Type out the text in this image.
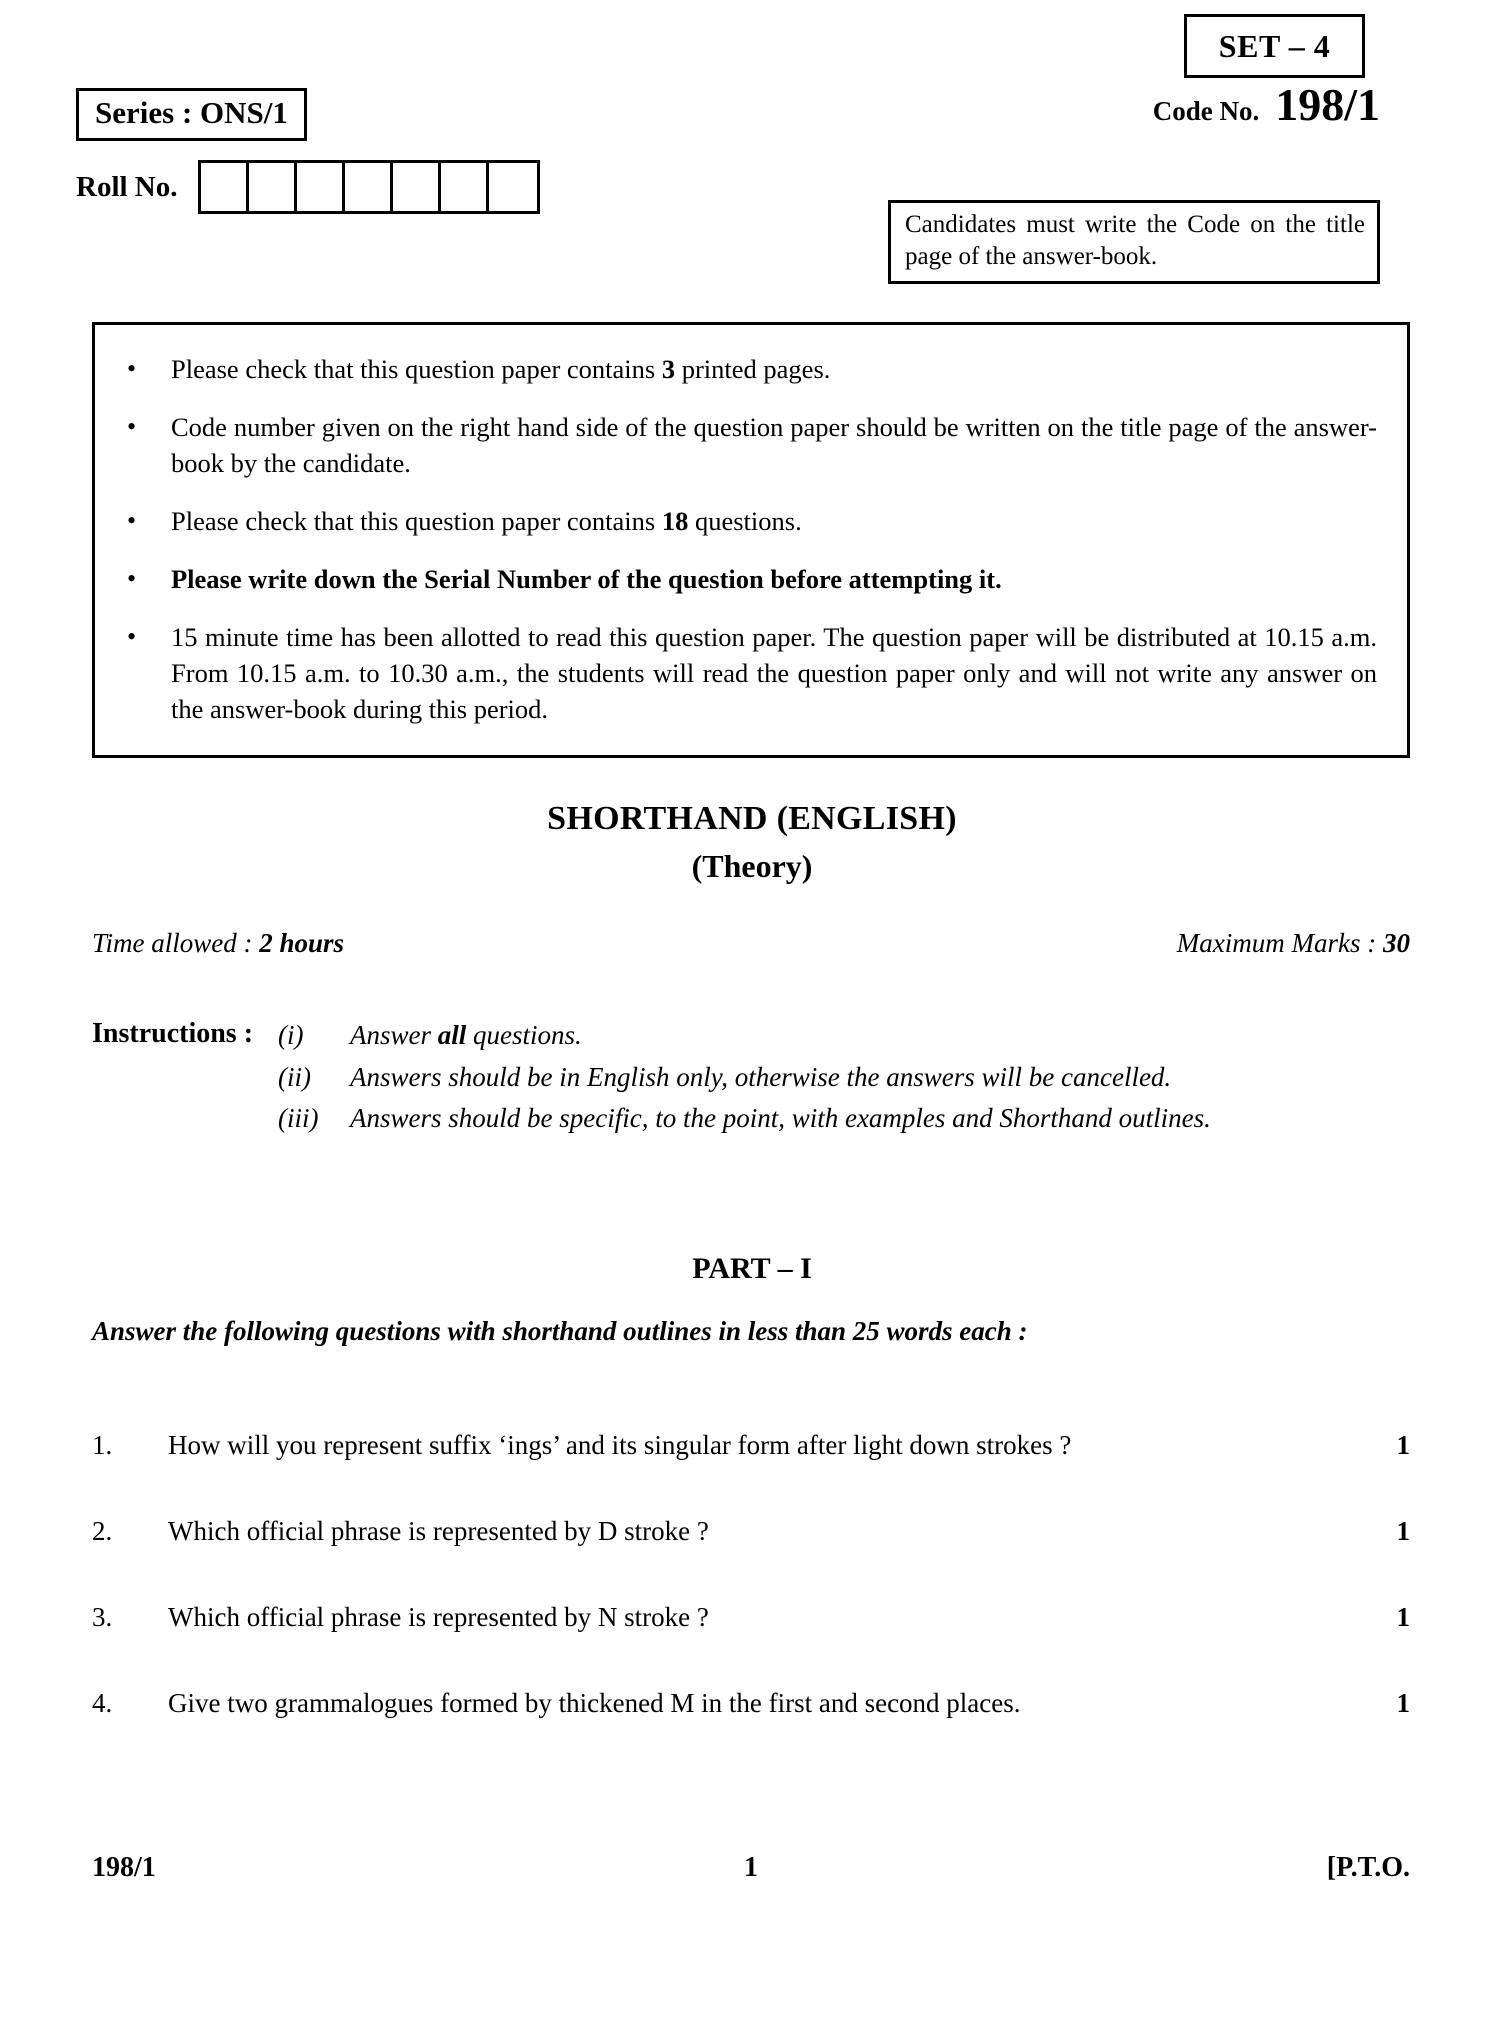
SET – 4
Code No. 198/1
Series : ONS/1
Roll No.
Candidates must write the Code on the title page of the answer-book.
•	Please check that this question paper contains 3 printed pages.
•	Code number given on the right hand side of the question paper should be written on the title page of the answer-book by the candidate.
•	Please check that this question paper contains 18 questions.
•	Please write down the Serial Number of the question before attempting it.
•	15 minute time has been allotted to read this question paper. The question paper will be distributed at 10.15 a.m. From 10.15 a.m. to 10.30 a.m., the students will read the question paper only and will not write any answer on the answer-book during this period.
SHORTHAND (ENGLISH)
(Theory)
Time allowed : 2 hours	Maximum Marks : 30
Instructions : (i)	Answer all questions.
(ii)	Answers should be in English only, otherwise the answers will be cancelled.
(iii)	Answers should be specific, to the point, with examples and Shorthand outlines.
PART – I
Answer the following questions with shorthand outlines in less than 25 words each :
1.	How will you represent suffix ‘ings’ and its singular form after light down strokes ?	1
2.	Which official phrase is represented by D stroke ?	1
3.	Which official phrase is represented by N stroke ?	1
4.	Give two grammalogues formed by thickened M in the first and second places.	1
198/1	1	[P.T.O.
